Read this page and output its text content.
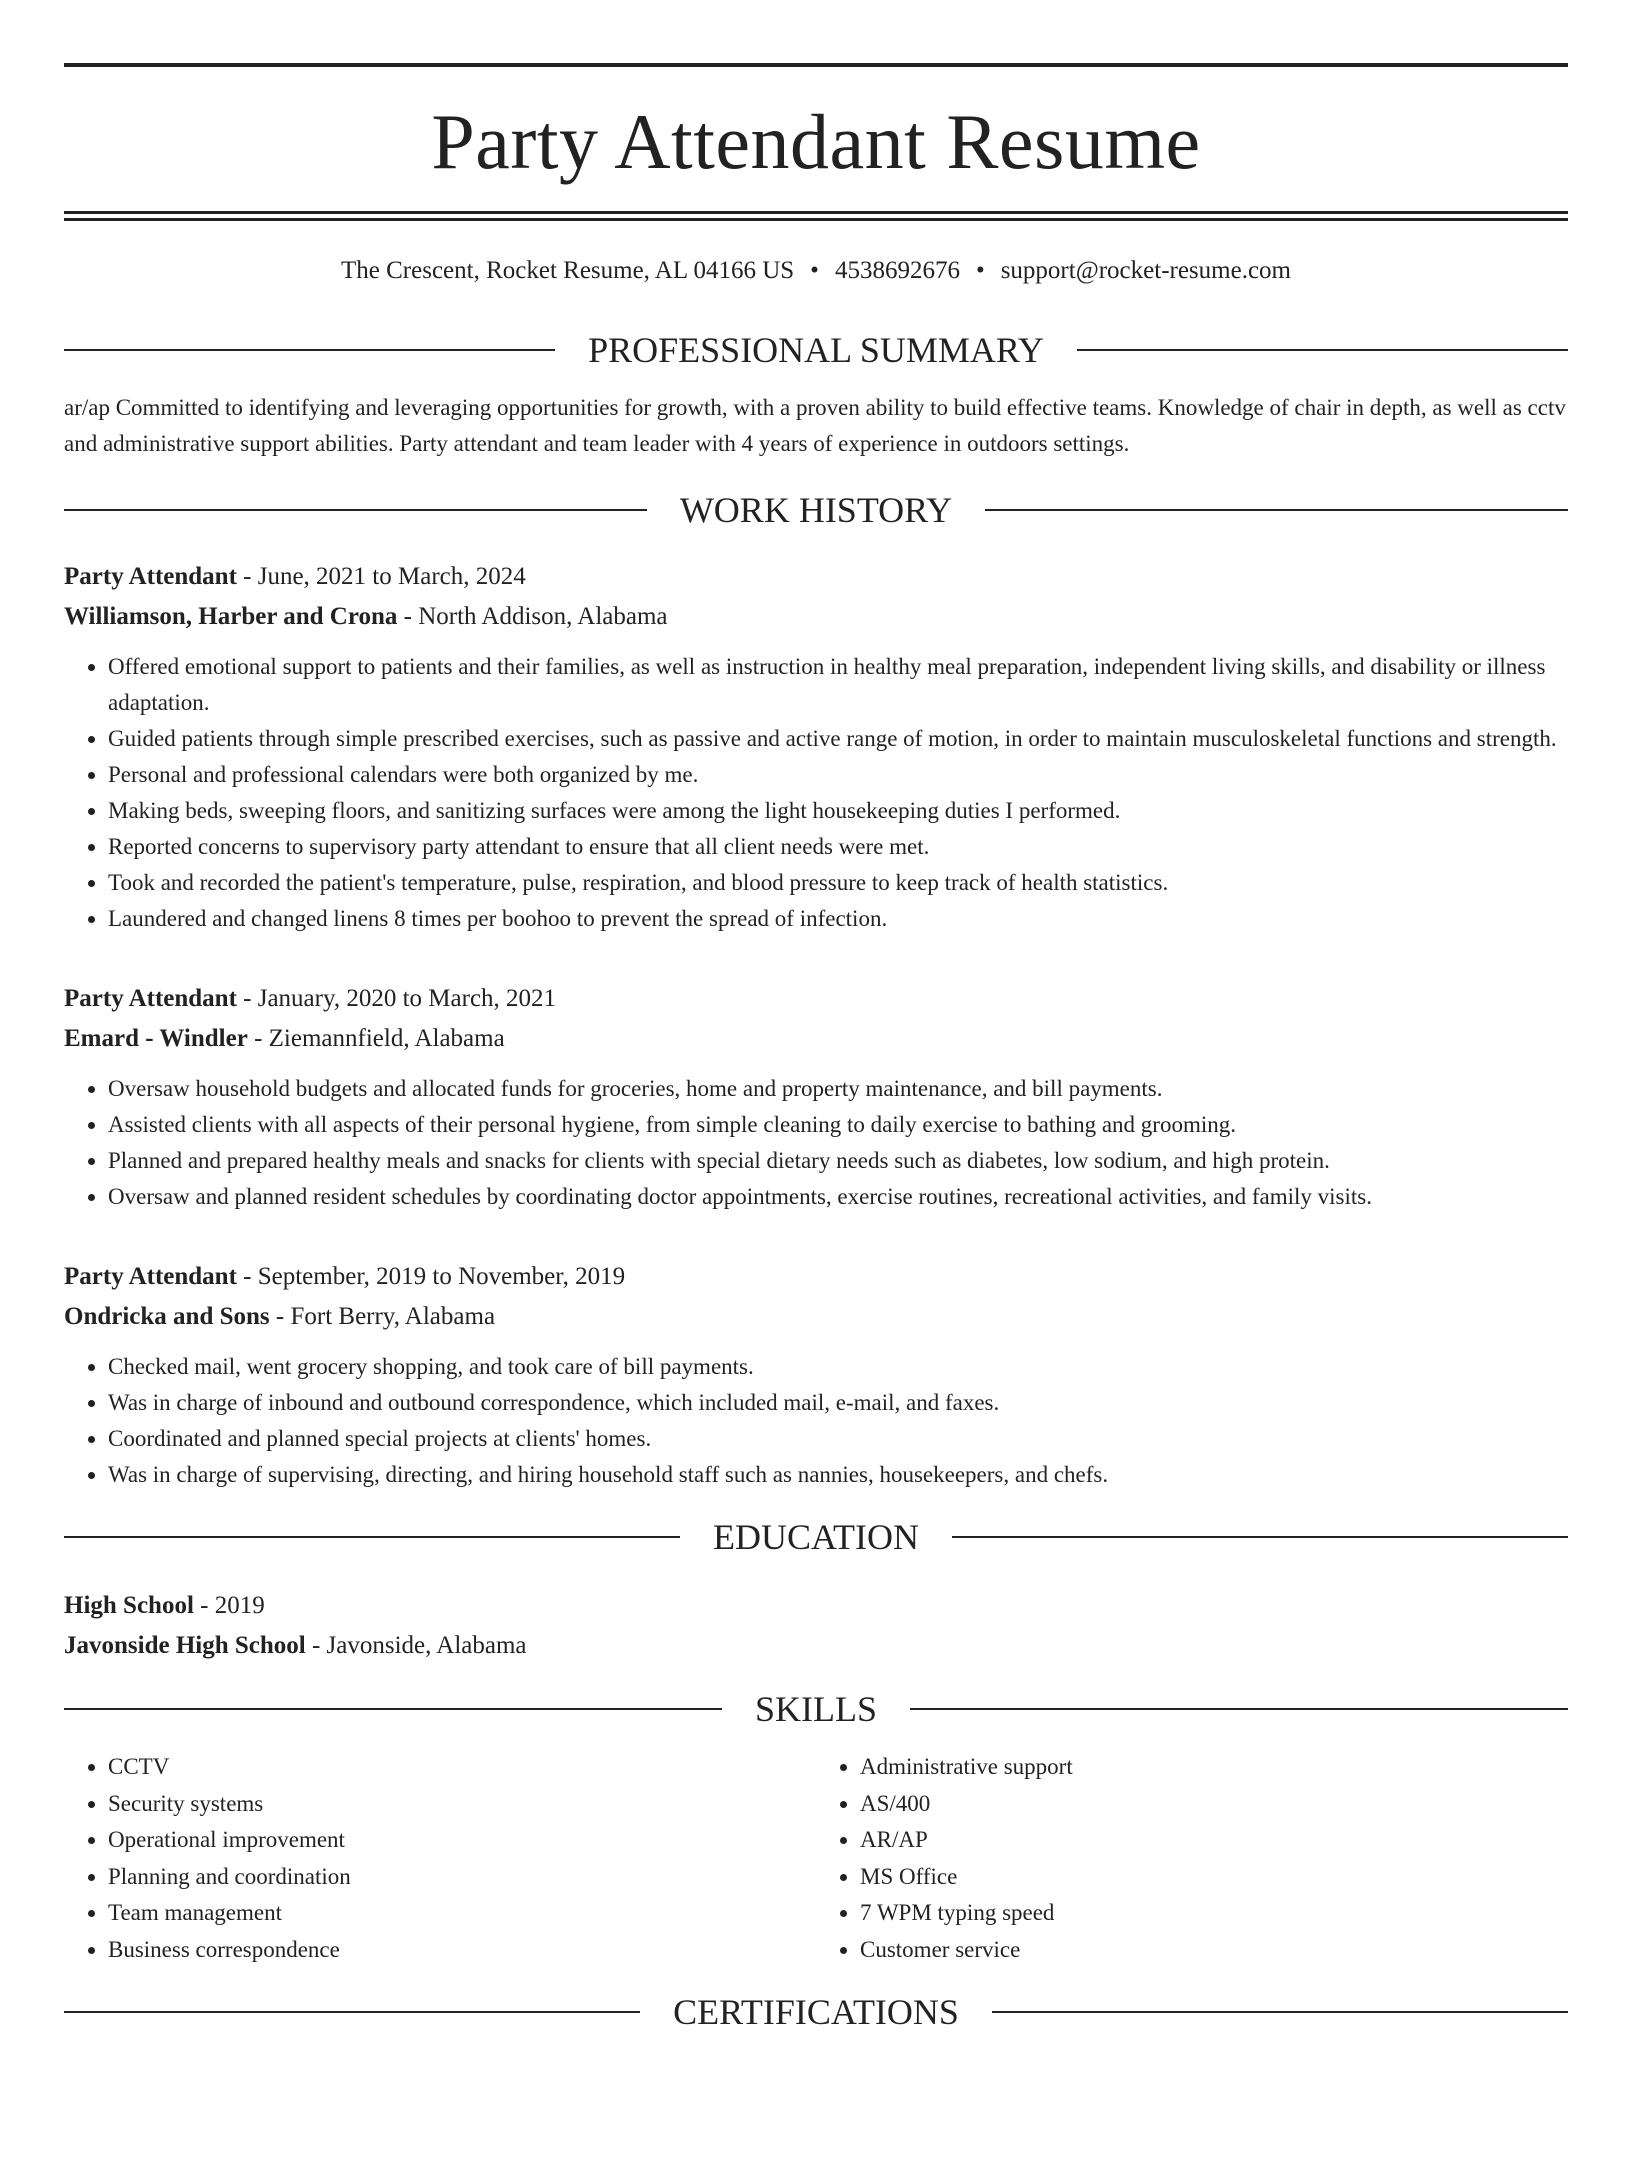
Party Attendant Resume
The Crescent, Rocket Resume, AL 04166 US • 4538692676 • support@rocket-resume.com
PROFESSIONAL SUMMARY

ar/ap Committed to identifying and leveraging opportunities for growth, with a proven ability to build effective teams. Knowledge of chair in depth, as well as cctv and administrative support abilities. Party attendant and team leader with 4 years of experience in outdoors settings.

WORK HISTORY

Party Attendant - June, 2021 to March, 2024

Williamson, Harber and Crona - North Addison, Alabama

• Offered emotional support to patients and their families, as well as instruction in healthy meal preparation, independent living skills, and disability or illness adaptation.
• Guided patients through simple prescribed exercises, such as passive and active range of motion, in order to maintain musculoskeletal functions and strength.
• Personal and professional calendars were both organized by me.
• Making beds, sweeping floors, and sanitizing surfaces were among the light housekeeping duties I performed.
• Reported concerns to supervisory party attendant to ensure that all client needs were met.
• Took and recorded the patient's temperature, pulse, respiration, and blood pressure to keep track of health statistics.
• Laundered and changed linens 8 times per boohoo to prevent the spread of infection.

Party Attendant - January, 2020 to March, 2021

Emard - Windler - Ziemannfield, Alabama

• Oversaw household budgets and allocated funds for groceries, home and property maintenance, and bill payments.
• Assisted clients with all aspects of their personal hygiene, from simple cleaning to daily exercise to bathing and grooming.
• Planned and prepared healthy meals and snacks for clients with special dietary needs such as diabetes, low sodium, and high protein.
• Oversaw and planned resident schedules by coordinating doctor appointments, exercise routines, recreational activities, and family visits.

Party Attendant - September, 2019 to November, 2019

Ondricka and Sons - Fort Berry, Alabama

• Checked mail, went grocery shopping, and took care of bill payments.
• Was in charge of inbound and outbound correspondence, which included mail, e-mail, and faxes.
• Coordinated and planned special projects at clients' homes.
• Was in charge of supervising, directing, and hiring household staff such as nannies, housekeepers, and chefs.
EDUCATION

High School - 2019

Javonside High School - Javonside, Alabama

SKILLS
• CCTV
• Security systems
• Operational improvement
• Planning and coordination
• Team management
• Business correspondence
• Administrative support
• AS/400
• AR/AP
• MS Office
• 7 WPM typing speed
• Customer service
CERTIFICATIONS
